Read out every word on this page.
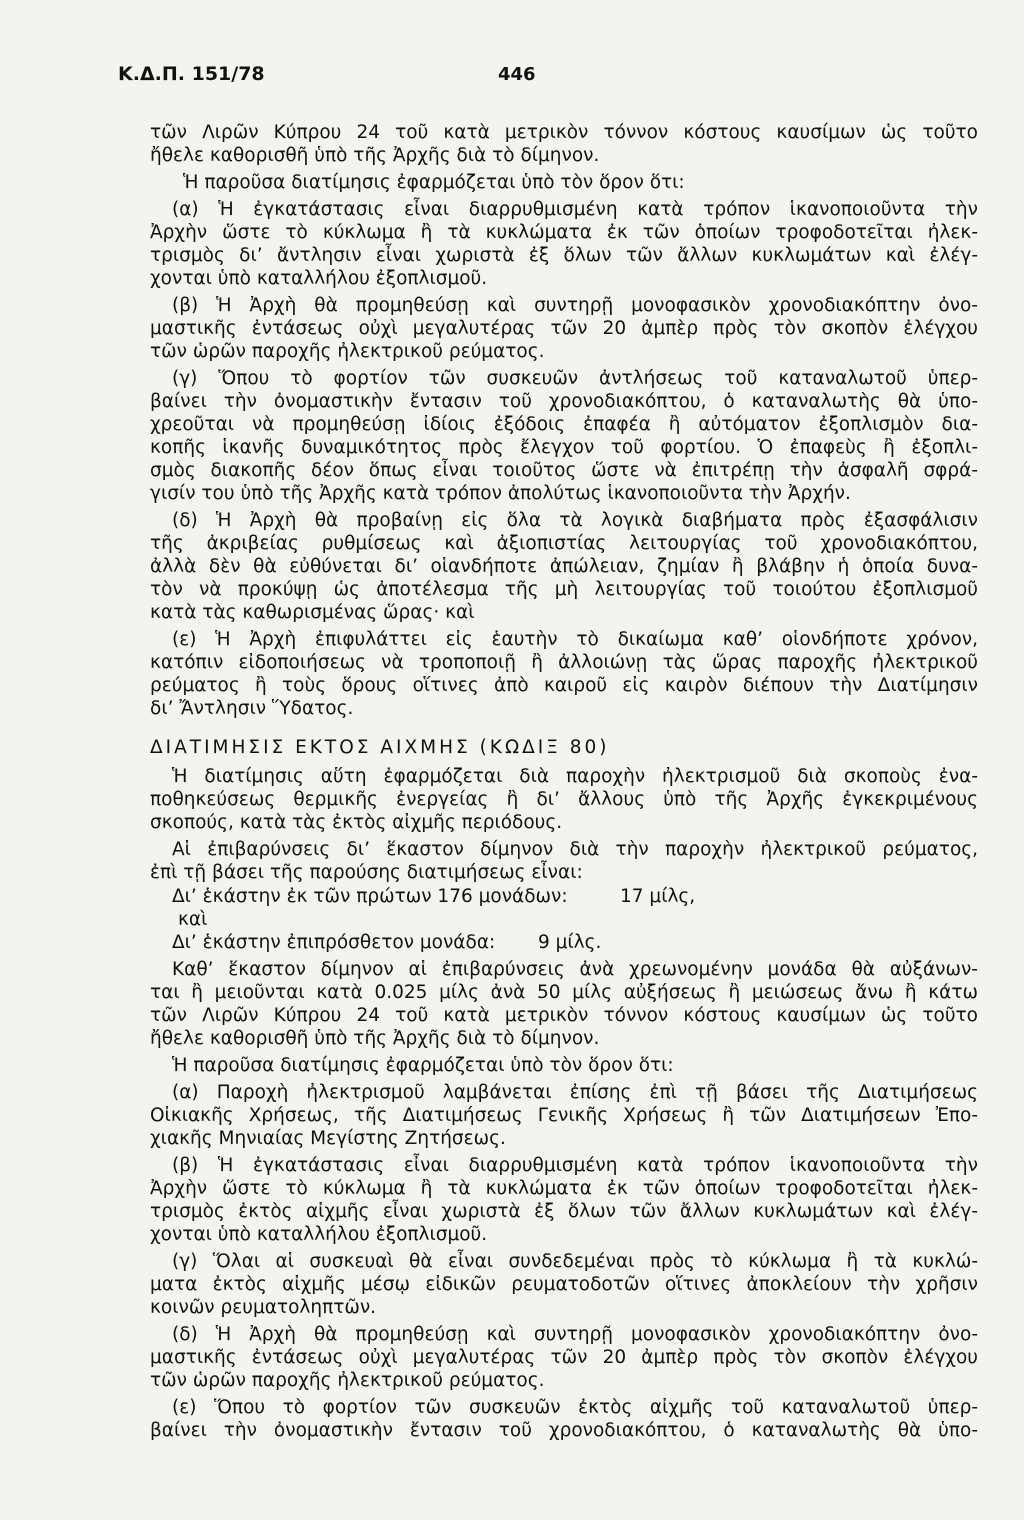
Κ.Δ.Π. 151/78	446
τῶν Λιρῶν Κύπρου 24 τοῦ κατὰ μετρικὸν τόννον κόστους καυσίμων ὡς τοῦτο
ἤθελε καθορισθῆ ὑπὸ τῆς Ἀρχῆς διὰ τὸ δίμηνον.
Ἡ παροῦσα διατίμησις ἐφαρμόζεται ὑπὸ τὸν ὅρον ὅτι:
(α) Ἡ ἐγκατάστασις εἶναι διαρρυθμισμένη κατὰ τρόπον ἱκανοποιοῦντα τὴν
Ἀρχὴν ὥστε τὸ κύκλωμα ἢ τὰ κυκλώματα ἐκ τῶν ὁποίων τροφοδοτεῖται ἠλεκ-
τρισμὸς δι’ ἄντλησιν εἶναι χωριστὰ ἐξ ὅλων τῶν ἄλλων κυκλωμάτων καὶ ἐλέγ-
χονται ὑπὸ καταλλήλου ἐξοπλισμοῦ.
(β) Ἡ Ἀρχὴ θὰ προμηθεύσῃ καὶ συντηρῇ μονοφασικὸν χρονοδιακόπτην ὀνο-
μαστικῆς ἐντάσεως οὐχὶ μεγαλυτέρας τῶν 20 ἀμπὲρ πρὸς τὸν σκοπὸν ἐλέγχου
τῶν ὡρῶν παροχῆς ἠλεκτρικοῦ ρεύματος.
(γ) Ὅπου τὸ φορτίον τῶν συσκευῶν ἀντλήσεως τοῦ καταναλωτοῦ ὑπερ-
βαίνει τὴν ὀνομαστικὴν ἔντασιν τοῦ χρονοδιακόπτου, ὁ καταναλωτὴς θὰ ὑπο-
χρεοῦται νὰ προμηθεύσῃ ἰδίοις ἐξόδοις ἐπαφέα ἢ αὐτόματον ἐξοπλισμὸν δια-
κοπῆς ἱκανῆς δυναμικότητος πρὸς ἔλεγχον τοῦ φορτίου. Ὁ ἐπαφεὺς ἢ ἐξοπλι-
σμὸς διακοπῆς δέον ὅπως εἶναι τοιοῦτος ὥστε νὰ ἐπιτρέπῃ τὴν ἀσφαλῆ σφρά-
γισίν του ὑπὸ τῆς Ἀρχῆς κατὰ τρόπον ἀπολύτως ἱκανοποιοῦντα τὴν Ἀρχήν.
(δ) Ἡ Ἀρχὴ θὰ προβαίνῃ εἰς ὅλα τὰ λογικὰ διαβήματα πρὸς ἐξασφάλισιν
τῆς ἀκριβείας ρυθμίσεως καὶ ἀξιοπιστίας λειτουργίας τοῦ χρονοδιακόπτου,
ἀλλὰ δὲν θὰ εὐθύνεται δι’ οἱανδήποτε ἀπώλειαν, ζημίαν ἢ βλάβην ἡ ὁποία δυνα-
τὸν νὰ προκύψῃ ὡς ἀποτέλεσμα τῆς μὴ λειτουργίας τοῦ τοιούτου ἐξοπλισμοῦ
κατὰ τὰς καθωρισμένας ὥρας· καὶ
(ε) Ἡ Ἀρχὴ ἐπιφυλάττει εἰς ἑαυτὴν τὸ δικαίωμα καθ’ οἱονδήποτε χρόνον,
κατόπιν εἰδοποιήσεως νὰ τροποποιῇ ἢ ἀλλοιώνῃ τὰς ὥρας παροχῆς ἠλεκτρικοῦ
ρεύματος ἢ τοὺς ὅρους οἵτινες ἀπὸ καιροῦ εἰς καιρὸν διέπουν τὴν Διατίμησιν
δι’ Ἄντλησιν Ὕδατος.
ΔΙΑΤΙΜΗΣΙΣ ΕΚΤΟΣ ΑΙΧΜΗΣ (ΚΩΔΙΞ 80)
Ἡ διατίμησις αὕτη ἐφαρμόζεται διὰ παροχὴν ἠλεκτρισμοῦ διὰ σκοποὺς ἐνα-
ποθηκεύσεως θερμικῆς ἐνεργείας ἢ δι’ ἄλλους ὑπὸ τῆς Ἀρχῆς ἐγκεκριμένους
σκοπούς, κατὰ τὰς ἐκτὸς αἰχμῆς περιόδους.
Αἱ ἐπιβαρύνσεις δι’ ἕκαστον δίμηνον διὰ τὴν παροχὴν ἠλεκτρικοῦ ρεύματος,
ἐπὶ τῇ βάσει τῆς παρούσης διατιμήσεως εἶναι:
Δι’ ἑκάστην ἐκ τῶν πρώτων 176 μονάδων:	17 μίλς,
καὶ
Δι’ ἑκάστην ἐπιπρόσθετον μονάδα: 9 μίλς.
Καθ’ ἕκαστον δίμηνον αἱ ἐπιβαρύνσεις ἀνὰ χρεωνομένην μονάδα θὰ αὐξάνων-
ται ἢ μειοῦνται κατὰ 0.025 μίλς ἀνὰ 50 μίλς αὐξήσεως ἢ μειώσεως ἄνω ἢ κάτω
τῶν Λιρῶν Κύπρου 24 τοῦ κατὰ μετρικὸν τόννον κόστους καυσίμων ὡς τοῦτο
ἤθελε καθορισθῆ ὑπὸ τῆς Ἀρχῆς διὰ τὸ δίμηνον.
Ἡ παροῦσα διατίμησις ἐφαρμόζεται ὑπὸ τὸν ὅρον ὅτι:
(α) Παροχὴ ἠλεκτρισμοῦ λαμβάνεται ἐπίσης ἐπὶ τῇ βάσει τῆς Διατιμήσεως
Οἰκιακῆς Χρήσεως, τῆς Διατιμήσεως Γενικῆς Χρήσεως ἢ τῶν Διατιμήσεων Ἐπο-
χιακῆς Μηνιαίας Μεγίστης Ζητήσεως.
(β) Ἡ ἐγκατάστασις εἶναι διαρρυθμισμένη κατὰ τρόπον ἱκανοποιοῦντα τὴν
Ἀρχὴν ὥστε τὸ κύκλωμα ἢ τὰ κυκλώματα ἐκ τῶν ὁποίων τροφοδοτεῖται ἠλεκ-
τρισμὸς ἐκτὸς αἰχμῆς εἶναι χωριστὰ ἐξ ὅλων τῶν ἄλλων κυκλωμάτων καὶ ἐλέγ-
χονται ὑπὸ καταλλήλου ἐξοπλισμοῦ.
(γ) Ὅλαι αἱ συσκευαὶ θὰ εἶναι συνδεδεμέναι πρὸς τὸ κύκλωμα ἢ τὰ κυκλώ-
ματα ἐκτὸς αἰχμῆς μέσῳ εἰδικῶν ρευματοδοτῶν οἵτινες ἀποκλείουν τὴν χρῆσιν
κοινῶν ρευματοληπτῶν.
(δ) Ἡ Ἀρχὴ θὰ προμηθεύσῃ καὶ συντηρῇ μονοφασικὸν χρονοδιακόπτην ὀνο-
μαστικῆς ἐντάσεως οὐχὶ μεγαλυτέρας τῶν 20 ἀμπὲρ πρὸς τὸν σκοπὸν ἐλέγχου
τῶν ὡρῶν παροχῆς ἠλεκτρικοῦ ρεύματος.
(ε) Ὅπου τὸ φορτίον τῶν συσκευῶν ἐκτὸς αἰχμῆς τοῦ καταναλωτοῦ ὑπερ-
βαίνει τὴν ὀνομαστικὴν ἔντασιν τοῦ χρονοδιακόπτου, ὁ καταναλωτὴς θὰ ὑπο-
